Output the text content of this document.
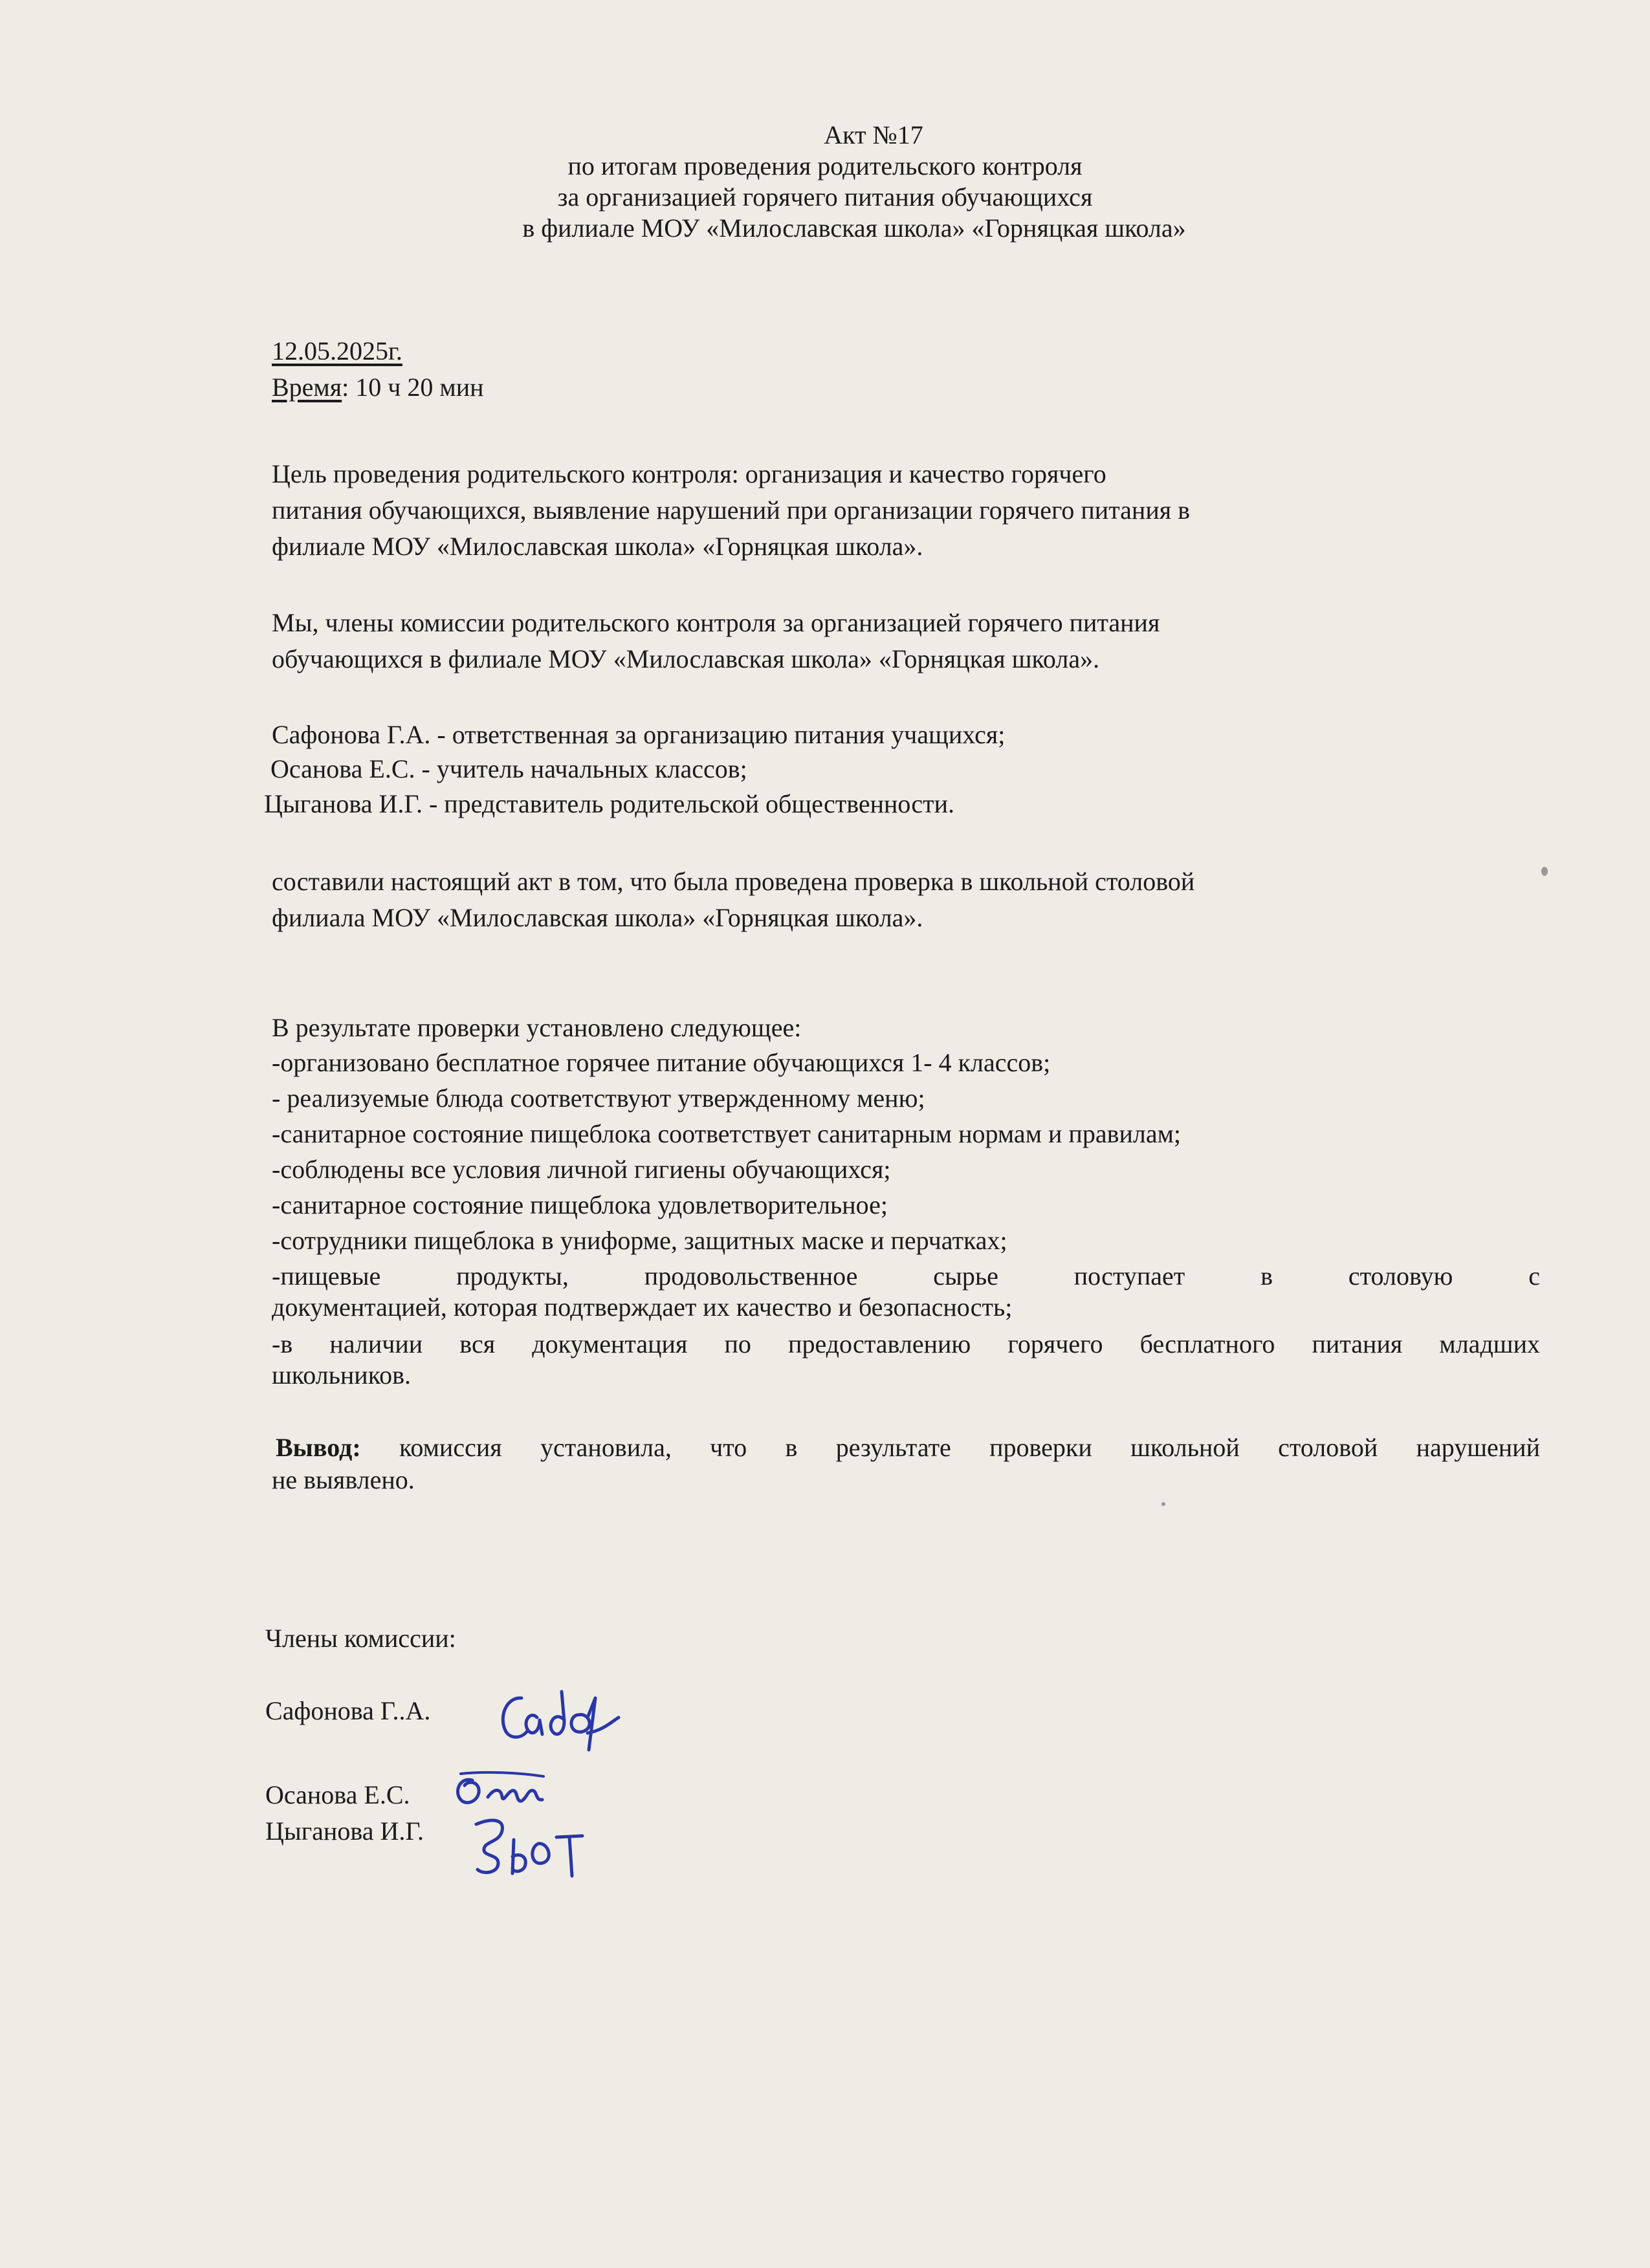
Акт №17
по итогам проведения родительского контроля
за организацией горячего питания обучающихся
в филиале МОУ «Милославская школа» «Горняцкая школа»
12.05.2025г.
Время: 10 ч 20 мин
Цель проведения родительского контроля: организация и качество горячего
питания обучающихся, выявление нарушений при организации горячего питания в
филиале МОУ «Милославская школа» «Горняцкая школа».
Мы, члены комиссии родительского контроля за организацией горячего питания
обучающихся в филиале МОУ «Милославская школа» «Горняцкая школа».
Сафонова Г.А. - ответственная за организацию питания учащихся;
Осанова Е.С. - учитель начальных классов;
Цыганова И.Г. - представитель родительской общественности.
составили настоящий акт в том, что была проведена проверка в школьной столовой
филиала МОУ «Милославская школа» «Горняцкая школа».
В результате проверки установлено следующее:
-организовано бесплатное горячее питание обучающихся 1- 4 классов;
- реализуемые блюда соответствуют утвержденному меню;
-санитарное состояние пищеблока соответствует санитарным нормам и правилам;
-соблюдены все условия личной гигиены обучающихся;
-санитарное состояние пищеблока удовлетворительное;
-сотрудники пищеблока в униформе, защитных маске и перчатках;
-пищевые продукты, продовольственное сырье поступает в столовую с
документацией, которая подтверждает их качество и безопасность;
-в наличии вся документация по предоставлению горячего бесплатного питания младших
школьников.
Вывод: комиссия установила, что в результате проверки школьной столовой нарушений
не выявлено.
Члены комиссии:
Сафонова Г..А.
Осанова Е.С.
Цыганова И.Г.
